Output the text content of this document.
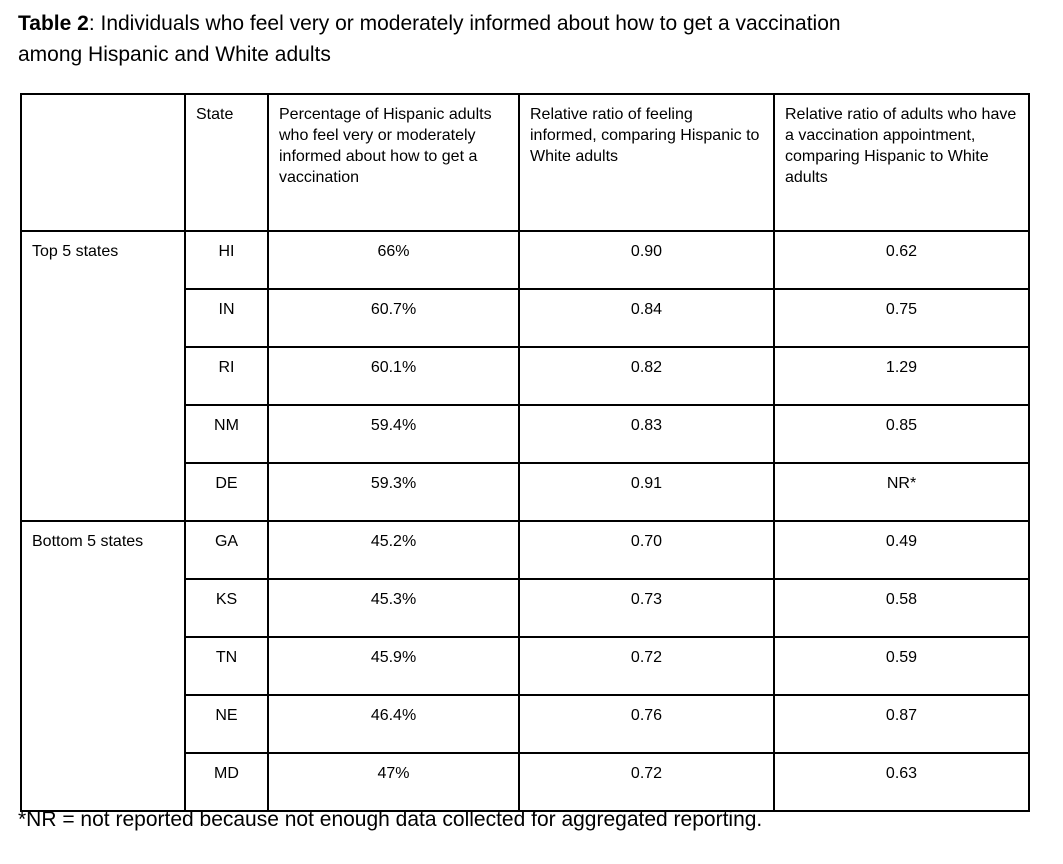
Table 2: Individuals who feel very or moderately informed about how to get a vaccination
among Hispanic and White adults

	State	Percentage of Hispanic adults who feel very or moderately informed about how to get a vaccination	Relative ratio of feeling informed, comparing Hispanic to White adults	Relative ratio of adults who have a vaccination appointment, comparing Hispanic to White adults
Top 5 states	HI	66%	0.90	0.62
	IN	60.7%	0.84	0.75
	RI	60.1%	0.82	1.29
	NM	59.4%	0.83	0.85
	DE	59.3%	0.91	NR*
Bottom 5 states	GA	45.2%	0.70	0.49
	KS	45.3%	0.73	0.58
	TN	45.9%	0.72	0.59
	NE	46.4%	0.76	0.87
	MD	47%	0.72	0.63

*NR = not reported because not enough data collected for aggregated reporting.
